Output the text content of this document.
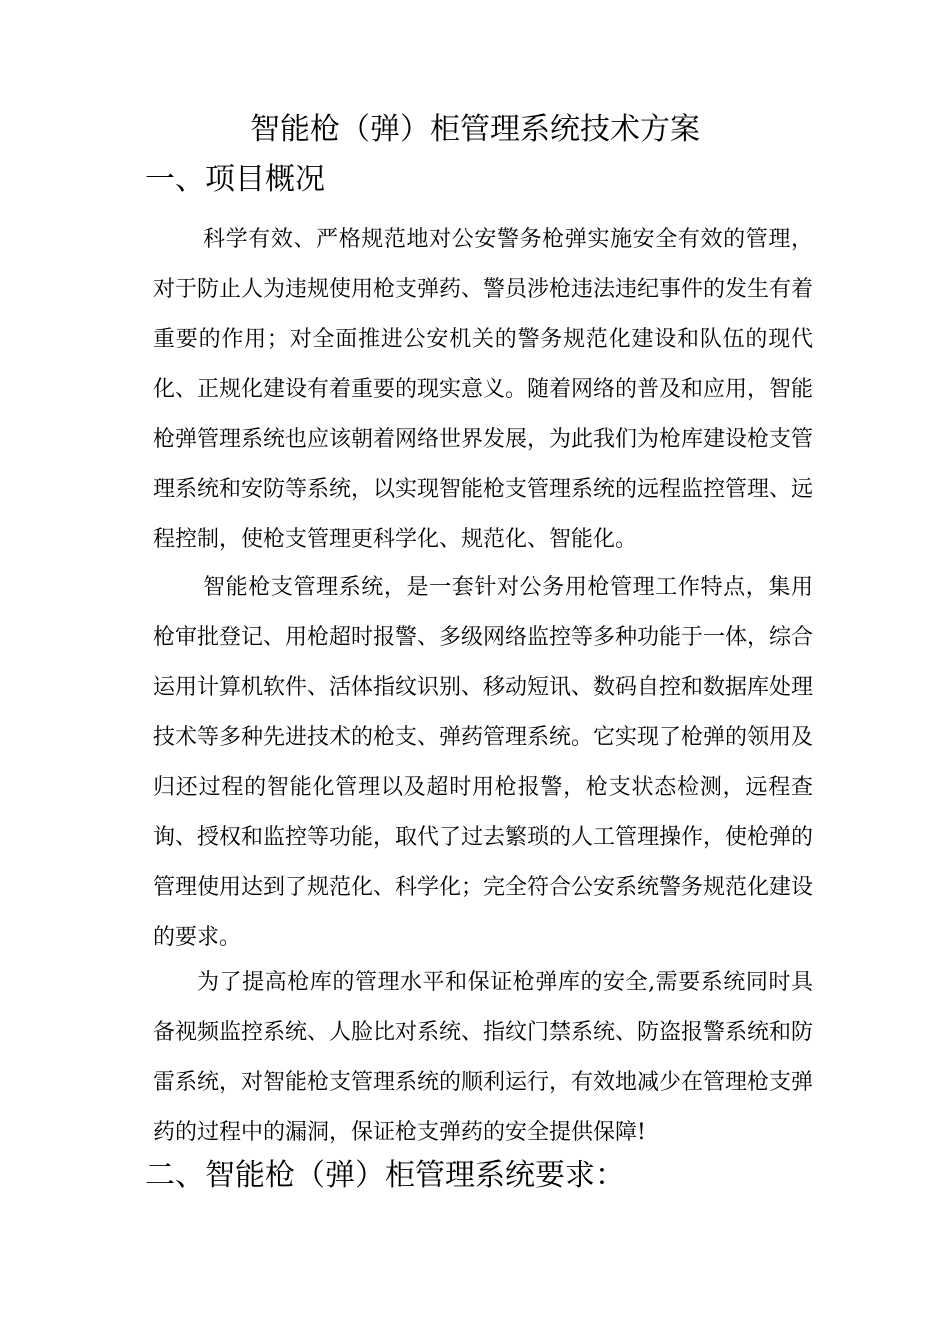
智能枪（弹）柜管理系统技术方案
一、项目概况

科学有效、严格规范地对公安警务枪弹实施安全有效的管理，对于防止人为违规使用枪支弹药、警员涉枪违法违纪事件的发生有着重要的作用；对全面推进公安机关的警务规范化建设和队伍的现代化、正规化建设有着重要的现实意义。随着网络的普及和应用，智能枪弹管理系统也应该朝着网络世界发展，为此我们为枪库建设枪支管理系统和安防等系统，以实现智能枪支管理系统的远程监控管理、远程控制，使枪支管理更科学化、规范化、智能化。

智能枪支管理系统，是一套针对公务用枪管理工作特点，集用枪审批登记、用枪超时报警、多级网络监控等多种功能于一体，综合运用计算机软件、活体指纹识别、移动短讯、数码自控和数据库处理技术等多种先进技术的枪支、弹药管理系统。它实现了枪弹的领用及归还过程的智能化管理以及超时用枪报警，枪支状态检测，远程查询、授权和监控等功能，取代了过去繁琐的人工管理操作，使枪弹的管理使用达到了规范化、科学化；完全符合公安系统警务规范化建设的要求。

为了提高枪库的管理水平和保证枪弹库的安全,需要系统同时具备视频监控系统、人脸比对系统、指纹门禁系统、防盗报警系统和防雷系统，对智能枪支管理系统的顺利运行，有效地减少在管理枪支弹药的过程中的漏洞，保证枪支弹药的安全提供保障!

二、智能枪（弹）柜管理系统要求：
